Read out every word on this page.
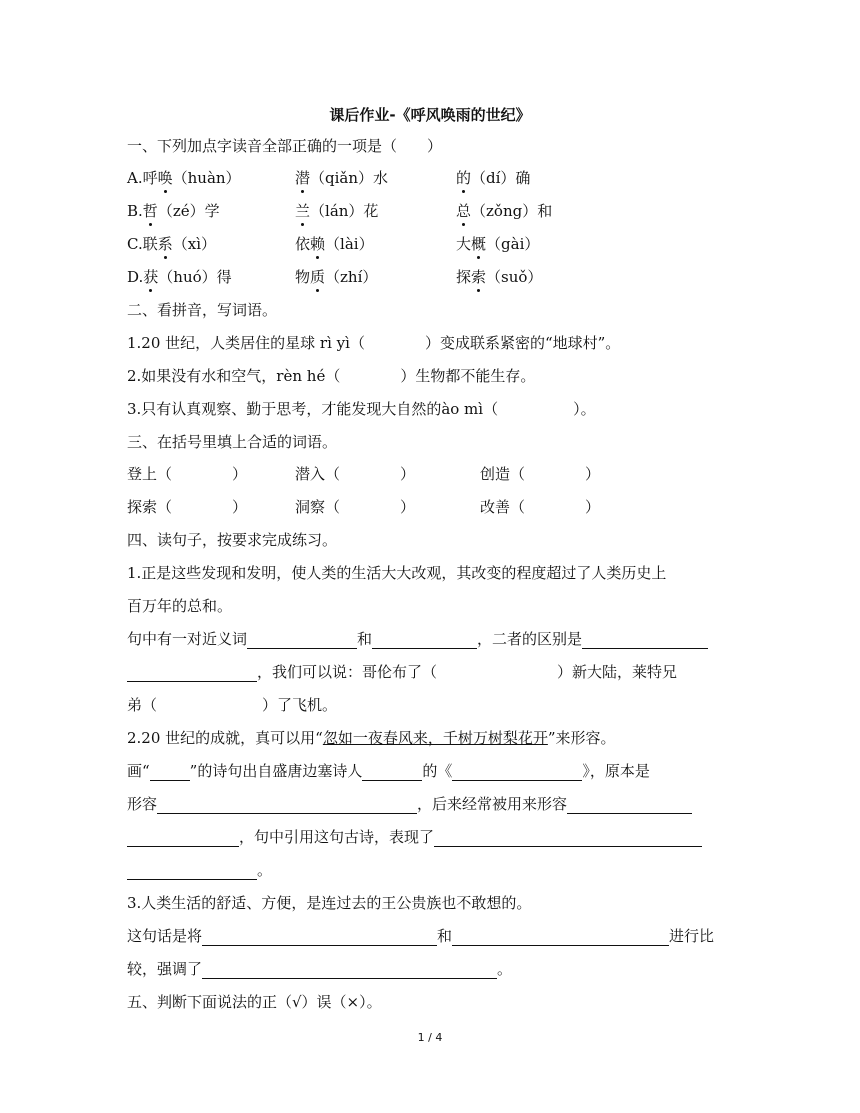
课后作业-《呼风唤雨的世纪》
一、下列加点字读音全部正确的一项是（　　）
A.呼唤（huàn）	潜（qiǎn）水	的（dí）确
B.哲（zé）学	兰（lán）花	总（zǒng）和
C.联系（xì）	依赖（lài）	大概（gài）
D.获（huó）得	物质（zhí）	探索（suǒ）
二、看拼音，写词语。
1.20 世纪，人类居住的星球 rì yì（　　　　）变成联系紧密的“地球村”。
2.如果没有水和空气，rèn hé（　　　　）生物都不能生存。
3.只有认真观察、勤于思考，才能发现大自然的ào mì（　　　　　）。
三、在括号里填上合适的词语。
登上（　　　　）	潜入（　　　　）	创造（　　　　）
探索（　　　　）	洞察（　　　　）	改善（　　　　）
四、读句子，按要求完成练习。
1.正是这些发现和发明，使人类的生活大大改观，其改变的程度超过了人类历史上
百万年的总和。
句中有一对近义词	和	，二者的区别是
，我们可以说：哥伦布了（　　　　　　　　）新大陆，莱特兄
弟（　　　　　　　）了飞机。
2.20 世纪的成就，真可以用“忽如一夜春风来，千树万树梨花开”来形容。
画“	”的诗句出自盛唐边塞诗人	的《	》，原本是
形容	，后来经常被用来形容
，句中引用这句古诗，表现了
。
3.人类生活的舒适、方便，是连过去的王公贵族也不敢想的。
这句话是将	和	进行比
较，强调了	。
五、判断下面说法的正（√）误（×）。
1 / 4
